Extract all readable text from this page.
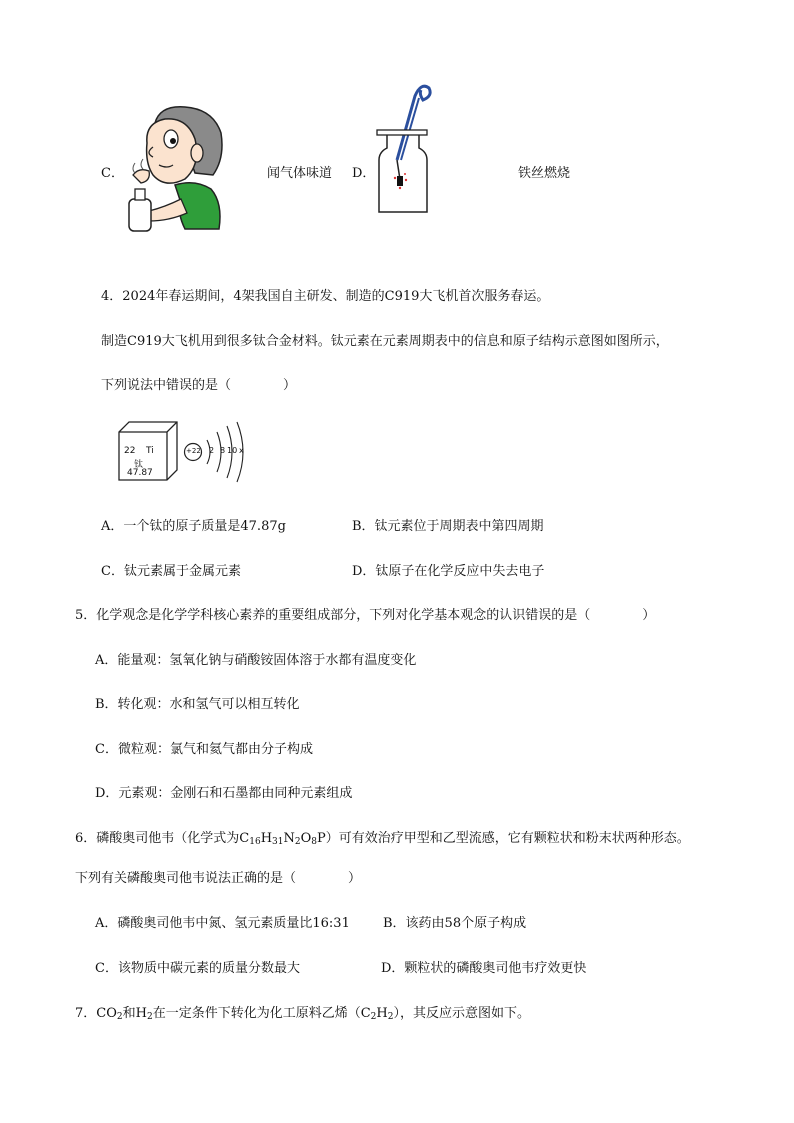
C．	闻气体味道 D．	铁丝燃烧
4．2024年春运期间，4架我国自主研发、制造的C919大飞机首次服务春运。
制造C919大飞机用到很多钛合金材料。钛元素在元素周期表中的信息和原子结构示意图如图所示，
下列说法中错误的是（　　　　）
22 Ti
钛
47.87
+22 2 8 10 x
A．一个钛的原子质量是47.87g	B．钛元素位于周期表中第四周期
C．钛元素属于金属元素	D．钛原子在化学反应中失去电子
5．化学观念是化学学科核心素养的重要组成部分，下列对化学基本观念的认识错误的是（　　　　）
A．能量观：氢氧化钠与硝酸铵固体溶于水都有温度变化
B．转化观：水和氢气可以相互转化
C．微粒观：氯气和氦气都由分子构成
D．元素观：金刚石和石墨都由同种元素组成
6．磷酸奥司他韦（化学式为$C_{16}H_{31}N_2O_8P$）可有效治疗甲型和乙型流感，它有颗粒状和粉末状两种形态。
下列有关磷酸奥司他韦说法正确的是（　　　　）
A．磷酸奥司他韦中氮、氢元素质量比16:31	B．该药由58个原子构成
C．该物质中碳元素的质量分数最大	D．颗粒状的磷酸奥司他韦疗效更快
7．$CO_2$和$H_2$在一定条件下转化为化工原料乙烯$(C_2H_2)$，其反应示意图如下。
